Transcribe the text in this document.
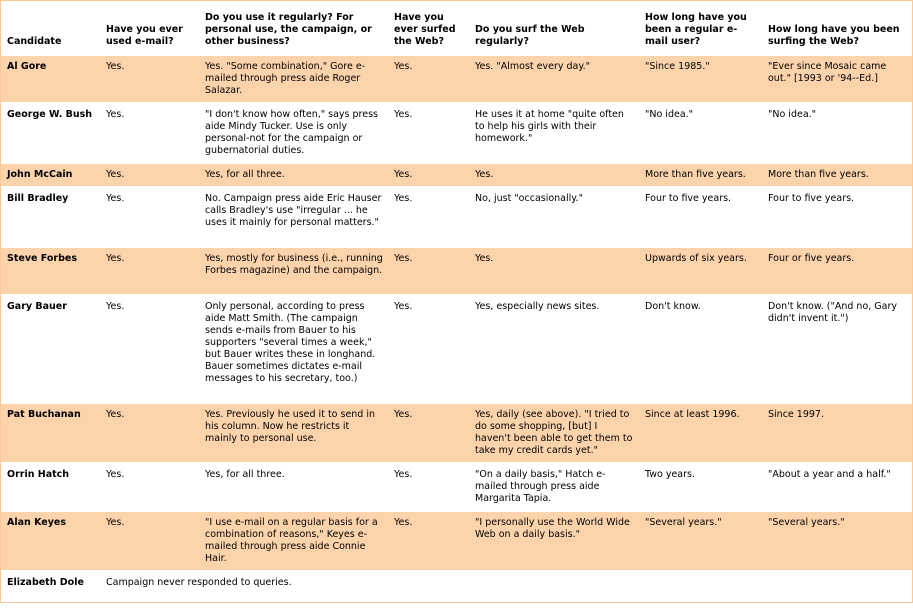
Candidate	Have you ever used e-mail?	Do you use it regularly? For personal use, the campaign, or other business?	Have you ever surfed the Web?	Do you surf the Web regularly?	How long have you been a regular e-mail user?	How long have you been surfing the Web?
Al Gore	Yes.	Yes. "Some combination," Gore e-mailed through press aide Roger Salazar.	Yes.	Yes. "Almost every day."	"Since 1985."	"Ever since Mosaic came out." [1993 or '94--Ed.]
George W. Bush	Yes.	"I don't know how often," says press aide Mindy Tucker. Use is only personal-not for the campaign or gubernatorial duties.	Yes.	He uses it at home "quite often to help his girls with their homework."	"No idea."	"No idea."
John McCain	Yes.	Yes, for all three.	Yes.	Yes.	More than five years.	More than five years.
Bill Bradley	Yes.	No. Campaign press aide Eric Hauser calls Bradley's use "irregular ... he uses it mainly for personal matters."	Yes.	No, just "occasionally."	Four to five years.	Four to five years.
Steve Forbes	Yes.	Yes, mostly for business (i.e., running Forbes magazine) and the campaign.	Yes.	Yes.	Upwards of six years.	Four or five years.
Gary Bauer	Yes.	Only personal, according to press aide Matt Smith. (The campaign sends e-mails from Bauer to his supporters "several times a week," but Bauer writes these in longhand. Bauer sometimes dictates e-mail messages to his secretary, too.)	Yes.	Yes, especially news sites.	Don't know.	Don't know. ("And no, Gary didn't invent it.")
Pat Buchanan	Yes.	Yes. Previously he used it to send in his column. Now he restricts it mainly to personal use.	Yes.	Yes, daily (see above). "I tried to do some shopping, [but] I haven't been able to get them to take my credit cards yet."	Since at least 1996.	Since 1997.
Orrin Hatch	Yes.	Yes, for all three.	Yes.	"On a daily basis," Hatch e-mailed through press aide Margarita Tapia.	Two years.	"About a year and a half."
Alan Keyes	Yes.	"I use e-mail on a regular basis for a combination of reasons," Keyes e-mailed through press aide Connie Hair.	Yes.	"I personally use the World Wide Web on a daily basis."	"Several years."	"Several years."
Elizabeth Dole	Campaign never responded to queries.					
